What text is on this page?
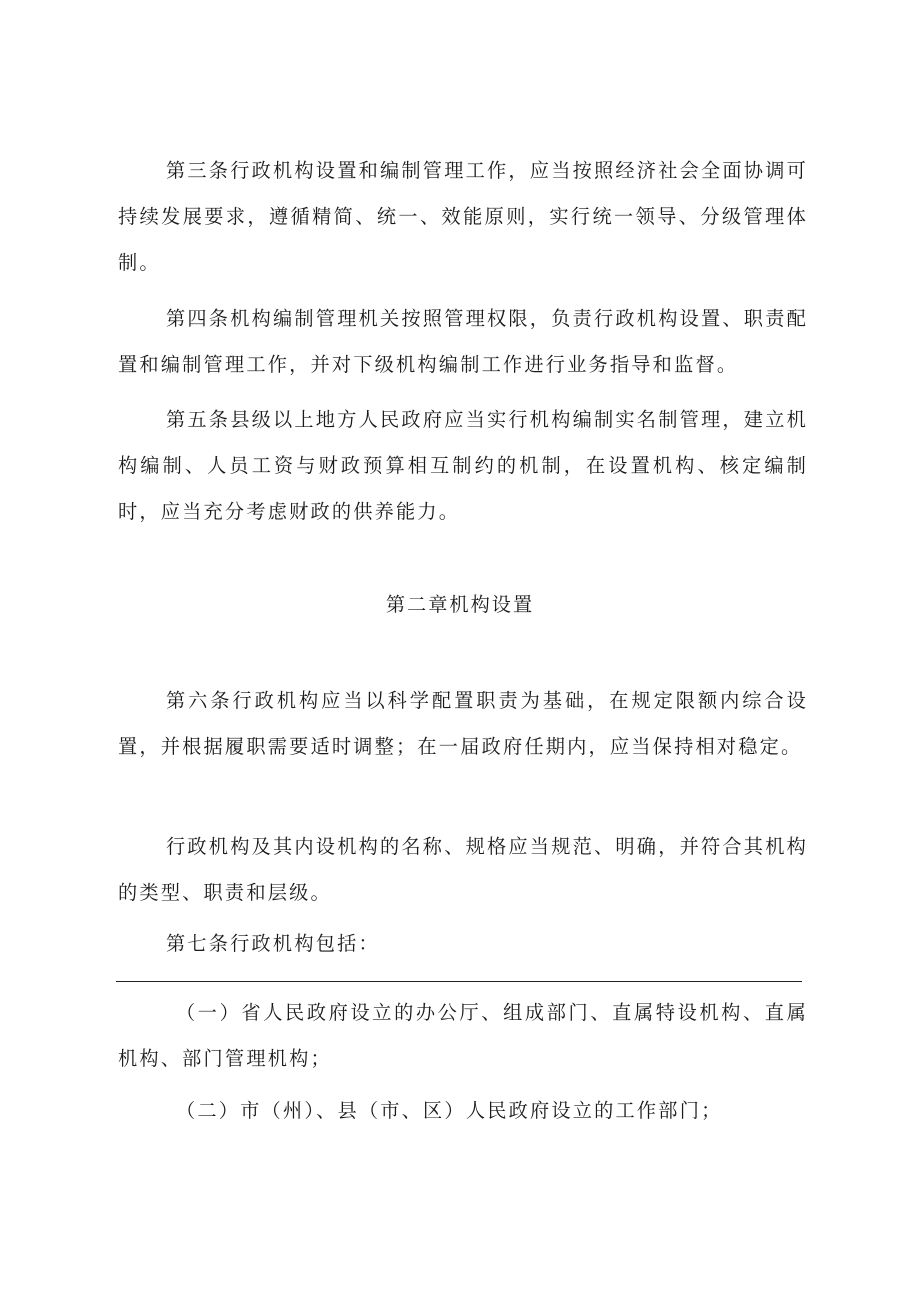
第三条行政机构设置和编制管理工作，应当按照经济社会全面协调可持续发展要求，遵循精简、统一、效能原则，实行统一领导、分级管理体制。

第四条机构编制管理机关按照管理权限，负责行政机构设置、职责配置和编制管理工作，并对下级机构编制工作进行业务指导和监督。

第五条县级以上地方人民政府应当实行机构编制实名制管理，建立机构编制、人员工资与财政预算相互制约的机制，在设置机构、核定编制时，应当充分考虑财政的供养能力。

第二章机构设置

第六条行政机构应当以科学配置职责为基础，在规定限额内综合设置，并根据履职需要适时调整；在一届政府任期内，应当保持相对稳定。

行政机构及其内设机构的名称、规格应当规范、明确，并符合其机构的类型、职责和层级。

第七条行政机构包括：

（一）省人民政府设立的办公厅、组成部门、直属特设机构、直属机构、部门管理机构；

（二）市（州）、县（市、区）人民政府设立的工作部门；
